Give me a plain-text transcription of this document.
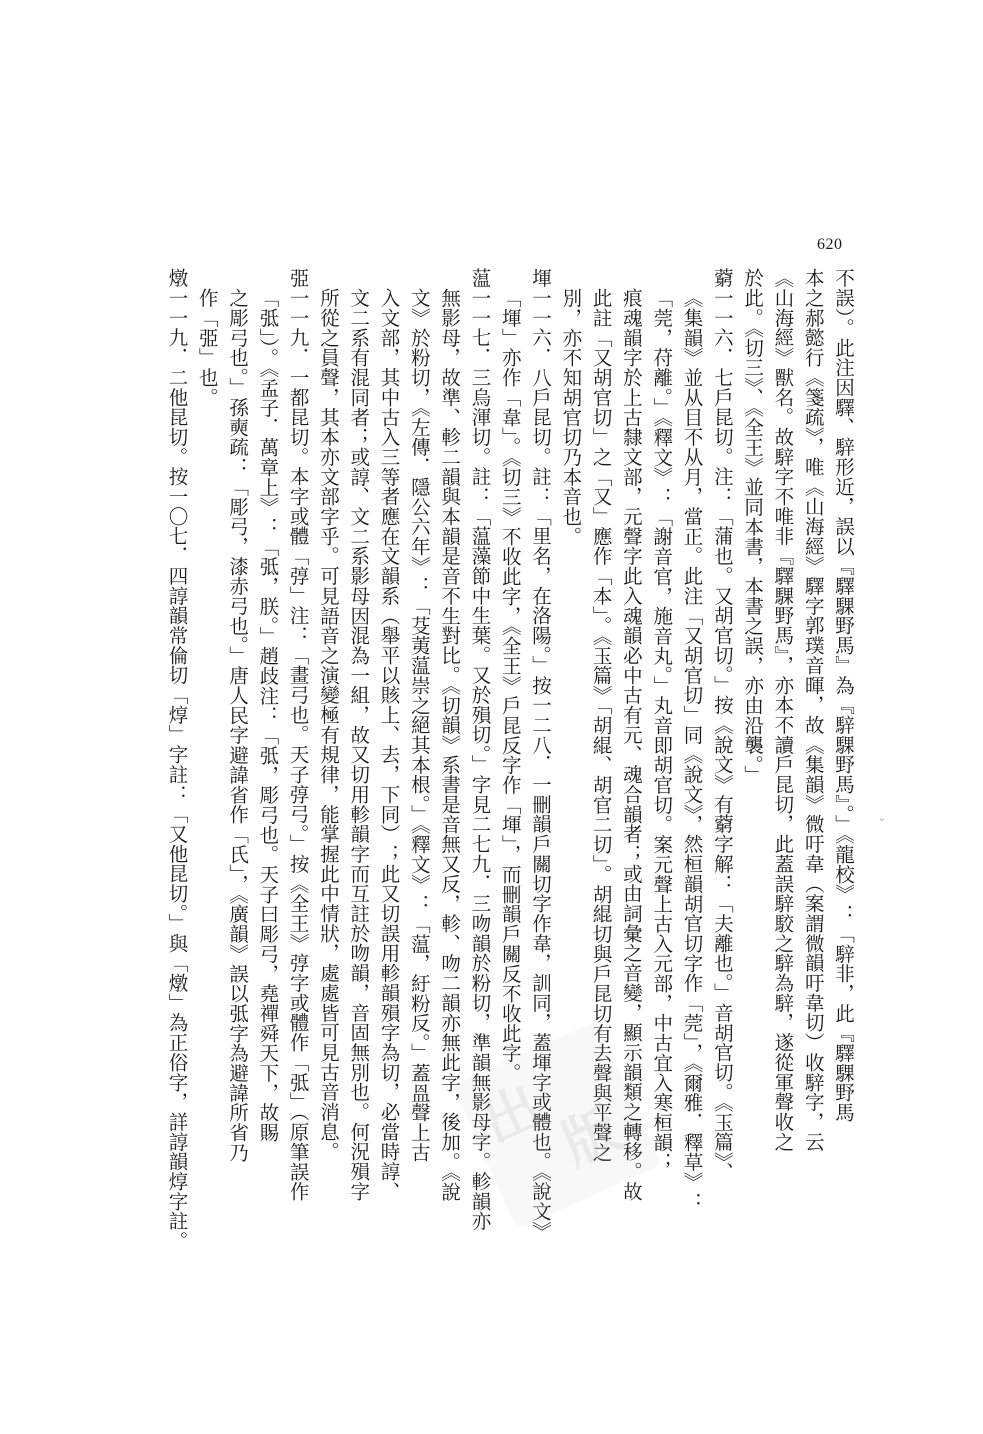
620
不誤）。此注因驛、騂形近，誤以『驛騍野馬』為『騂騍野馬』。」《龍校》：「騂非，此『驛騍野馬
本之郝懿行《箋疏》，唯《山海經》驛字郭璞音暉，故《集韻》微吁韋（案謂微韻吁韋切）收騂字，云
《山海經》獸名。故騂字不唯非『驛騍野馬』，亦本不讀戶昆切，此蓋誤騂駮之騂為騂，遂從軍聲收之
於此。《切三》、《全王》並同本書，本書之誤，亦由沿襲。」
藭一一六．七戶昆切。注：「蒲也。又胡官切。」按《說文》有藭字解：「夫離也。」音胡官切。《玉篇》、
《集韻》並从目不从月，當正。此注「又胡官切」同《說文》，然桓韻胡官切字作「莞」，《爾雅．釋草》：
「莞，苻離。」《釋文》：「謝音官，施音丸。」丸音即胡官切。案元聲上古入元部，中古宜入寒桓韻；
痕魂韻字於上古隸文部，元聲字此入魂韻必中古有元、魂合韻者；或由詞彙之音變，顯示韻類之轉移。故
此註「又胡官切」之「又」應作「本」。《玉篇》「胡緄、胡官二切」。胡緄切與戶昆切有去聲與平聲之
別，亦不知胡官切乃本音也。
堚一一六．八戶昆切。註：「里名，在洛陽。」按一二八．一刪韻戶關切字作韋，訓同，蓋堚字或體也。《說文》
「堚」亦作「韋」。《切三》不收此字，《全王》戶昆反字作「堚」，而刪韻戶關反不收此字。
蕰一一七．三烏渾切。註：「蕰藻節中生葉。又於殞切。」字見二七九．三吻韻於粉切，準韻無影母字。軫韻亦
無影母，故準、軫二韻與本韻是音不生對比。《切韻》系書是音無又反，軫、吻二韻亦無此字，後加。《說
文》於粉切，《左傳．隱公六年》：「芟荑蕰崇之絕其本根。」《釋文》：「蕰，紆粉反。」蓋𥁕聲上古
入文部，其中古入三等者應在文韻系（舉平以賅上、去，下同）；此又切誤用軫韻殞字為切，必當時諄、
文二系有混同者；或諄、文二系影母因混為一組，故又切用軫韻字而互註於吻韻，音固無別也。何況殞字
所從之員聲，其本亦文部字乎。可見語音之演變極有規律，能掌握此中情狀，處處皆可見古音消息。
弫一一九．一都昆切。本字或體「弴」注：「畫弓也。天子弴弓。」按《全王》弴字或體作「弤」（原筆誤作
「弤」）。《孟子．萬章上》：「弤，朕。」趙歧注：「弤，彫弓也。天子曰彫弓，堯禪舜天下，故賜
之彫弓也。」孫奭疏：「彫弓，漆赤弓也。」唐人民字避諱省作「氏」，《廣韻》誤以弤字為避諱所省乃
作「弫」也。
燉一一九．二他昆切。按一〇七．四諄韻常倫切「焞」字註：「又他昆切。」與「燉」為正俗字，詳諄韻焞字註。	出 版
ᵕ
